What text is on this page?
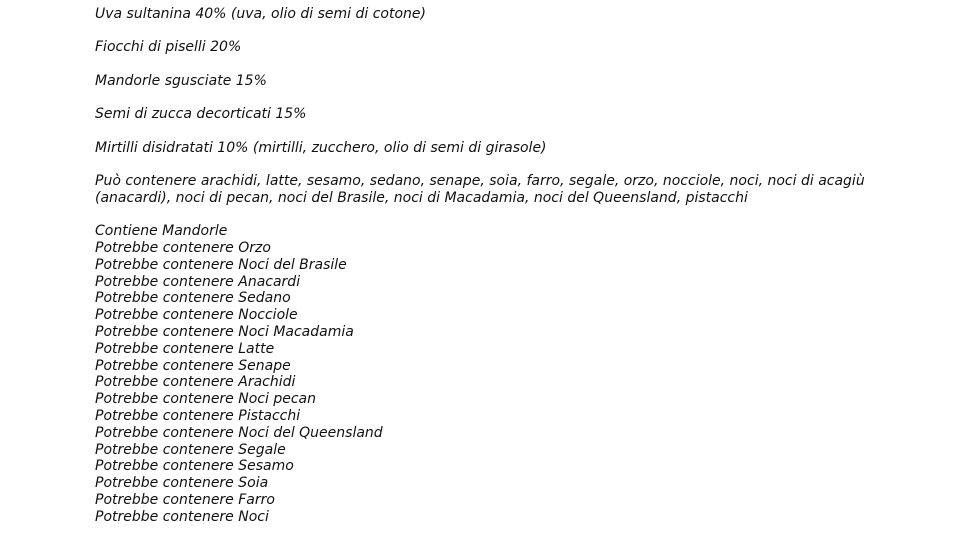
Uva sultanina 40% (uva, olio di semi di cotone)

Fiocchi di piselli 20%

Mandorle sgusciate 15%

Semi di zucca decorticati 15%

Mirtilli disidratati 10% (mirtilli, zucchero, olio di semi di girasole)

Può contenere arachidi, latte, sesamo, sedano, senape, soia, farro, segale, orzo, nocciole, noci, noci di acagiù (anacardi), noci di pecan, noci del Brasile, noci di Macadamia, noci del Queensland, pistacchi

Contiene Mandorle
Potrebbe contenere Orzo
Potrebbe contenere Noci del Brasile
Potrebbe contenere Anacardi
Potrebbe contenere Sedano
Potrebbe contenere Nocciole
Potrebbe contenere Noci Macadamia
Potrebbe contenere Latte
Potrebbe contenere Senape
Potrebbe contenere Arachidi
Potrebbe contenere Noci pecan
Potrebbe contenere Pistacchi
Potrebbe contenere Noci del Queensland
Potrebbe contenere Segale
Potrebbe contenere Sesamo
Potrebbe contenere Soia
Potrebbe contenere Farro
Potrebbe contenere Noci
